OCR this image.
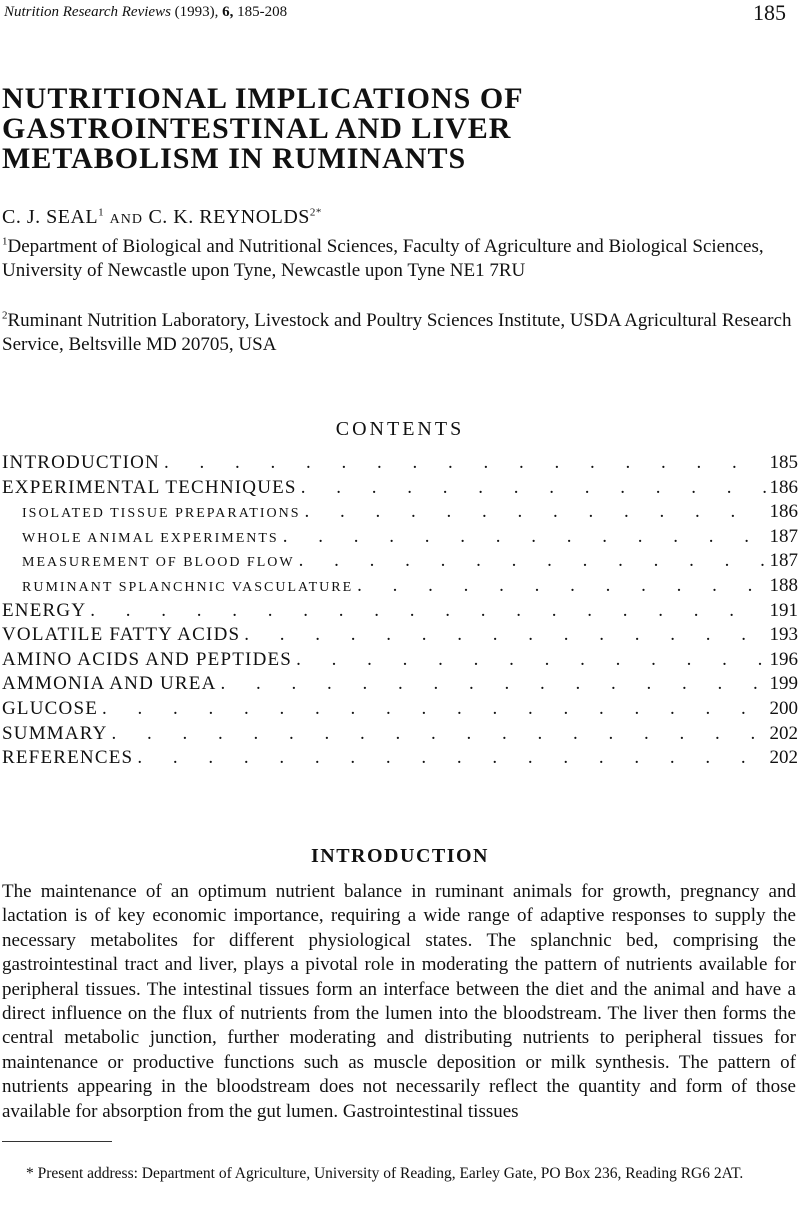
Nutrition Research Reviews (1993), 6, 185-208	185
NUTRITIONAL IMPLICATIONS OF GASTROINTESTINAL AND LIVER METABOLISM IN RUMINANTS
C. J. SEAL$^1$ AND C. K. $REYNOLDS^{2*}$
$^1$Department of Biological and Nutritional Sciences, Faculty of Agriculture and Biological Sciences, University of Newcastle upon Tyne, Newcastle upon Tyne NE1 7RU
$^2$Ruminant Nutrition Laboratory, Livestock and Poultry Sciences Institute, USDA Agricultural Research Service, Beltsville MD 20705, USA
CONTENTS
INTRODUCTION . . .	185
EXPERIMENTAL TECHNIQUES . . .	186
ISOLATED TISSUE PREPARATIONS . . .	186
WHOLE ANIMAL EXPERIMENTS . . .	187
MEASUREMENT OF BLOOD FLOW . . .	187
RUMINANT SPLANCHNIC VASCULATURE . . .	188
ENERGY . . .	191
VOLATILE FATTY ACIDS . . .	193
AMINO ACIDS AND PEPTIDES . . .	196
AMMONIA AND UREA . . .	199
GLUCOSE . . .	200
SUMMARY . . .	202
REFERENCES . . .	202
INTRODUCTION

The maintenance of an optimum nutrient balance in ruminant animals for growth, pregnancy and lactation is of key economic importance, requiring a wide range of adaptive responses to supply the necessary metabolites for different physiological states. The splanchnic bed, comprising the gastrointestinal tract and liver, plays a pivotal role in moderating the pattern of nutrients available for peripheral tissues. The intestinal tissues form an interface between the diet and the animal and have a direct influence on the flux of nutrients from the lumen into the bloodstream. The liver then forms the central metabolic junction, further moderating and distributing nutrients to peripheral tissues for maintenance or productive functions such as muscle deposition or milk synthesis. The pattern of nutrients appearing in the bloodstream does not necessarily reflect the quantity and form of those available for absorption from the gut lumen. Gastrointestinal tissues

* Present address: Department of Agriculture, University of Reading, Earley Gate, PO Box 236, Reading RG6 2AT.
